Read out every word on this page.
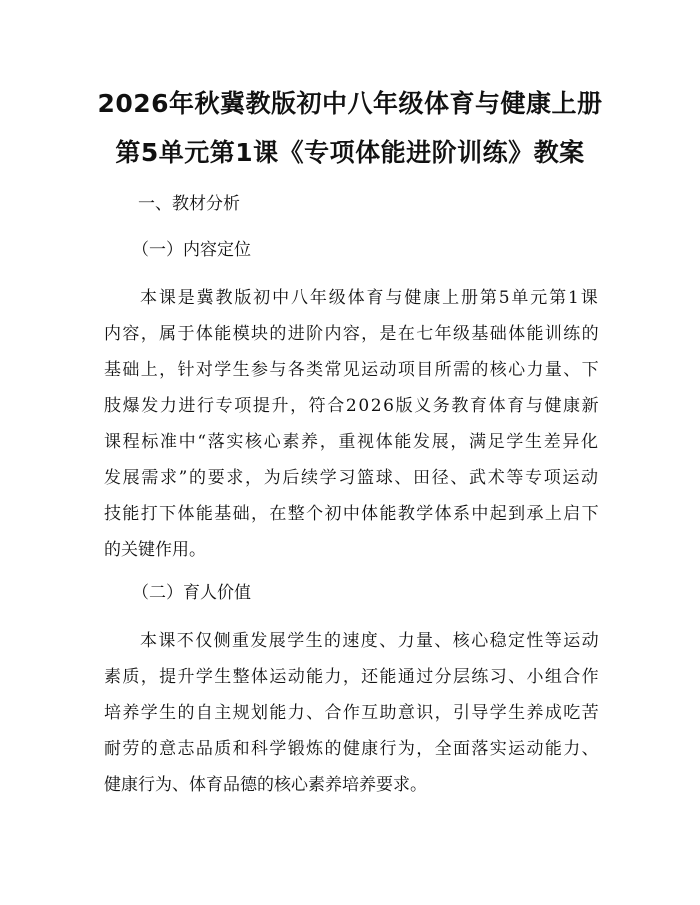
2026年秋冀教版初中八年级体育与健康上册
第5单元第1课《专项体能进阶训练》教案
一、教材分析
（一）内容定位
本课是冀教版初中八年级体育与健康上册第5单元第1课
内容，属于体能模块的进阶内容，是在七年级基础体能训练的
基础上，针对学生参与各类常见运动项目所需的核心力量、下
肢爆发力进行专项提升，符合2026版义务教育体育与健康新
课程标准中“落实核心素养，重视体能发展，满足学生差异化
发展需求”的要求，为后续学习篮球、田径、武术等专项运动
技能打下体能基础，在整个初中体能教学体系中起到承上启下
的关键作用。
（二）育人价值
本课不仅侧重发展学生的速度、力量、核心稳定性等运动
素质，提升学生整体运动能力，还能通过分层练习、小组合作
培养学生的自主规划能力、合作互助意识，引导学生养成吃苦
耐劳的意志品质和科学锻炼的健康行为，全面落实运动能力、
健康行为、体育品德的核心素养培养要求。
